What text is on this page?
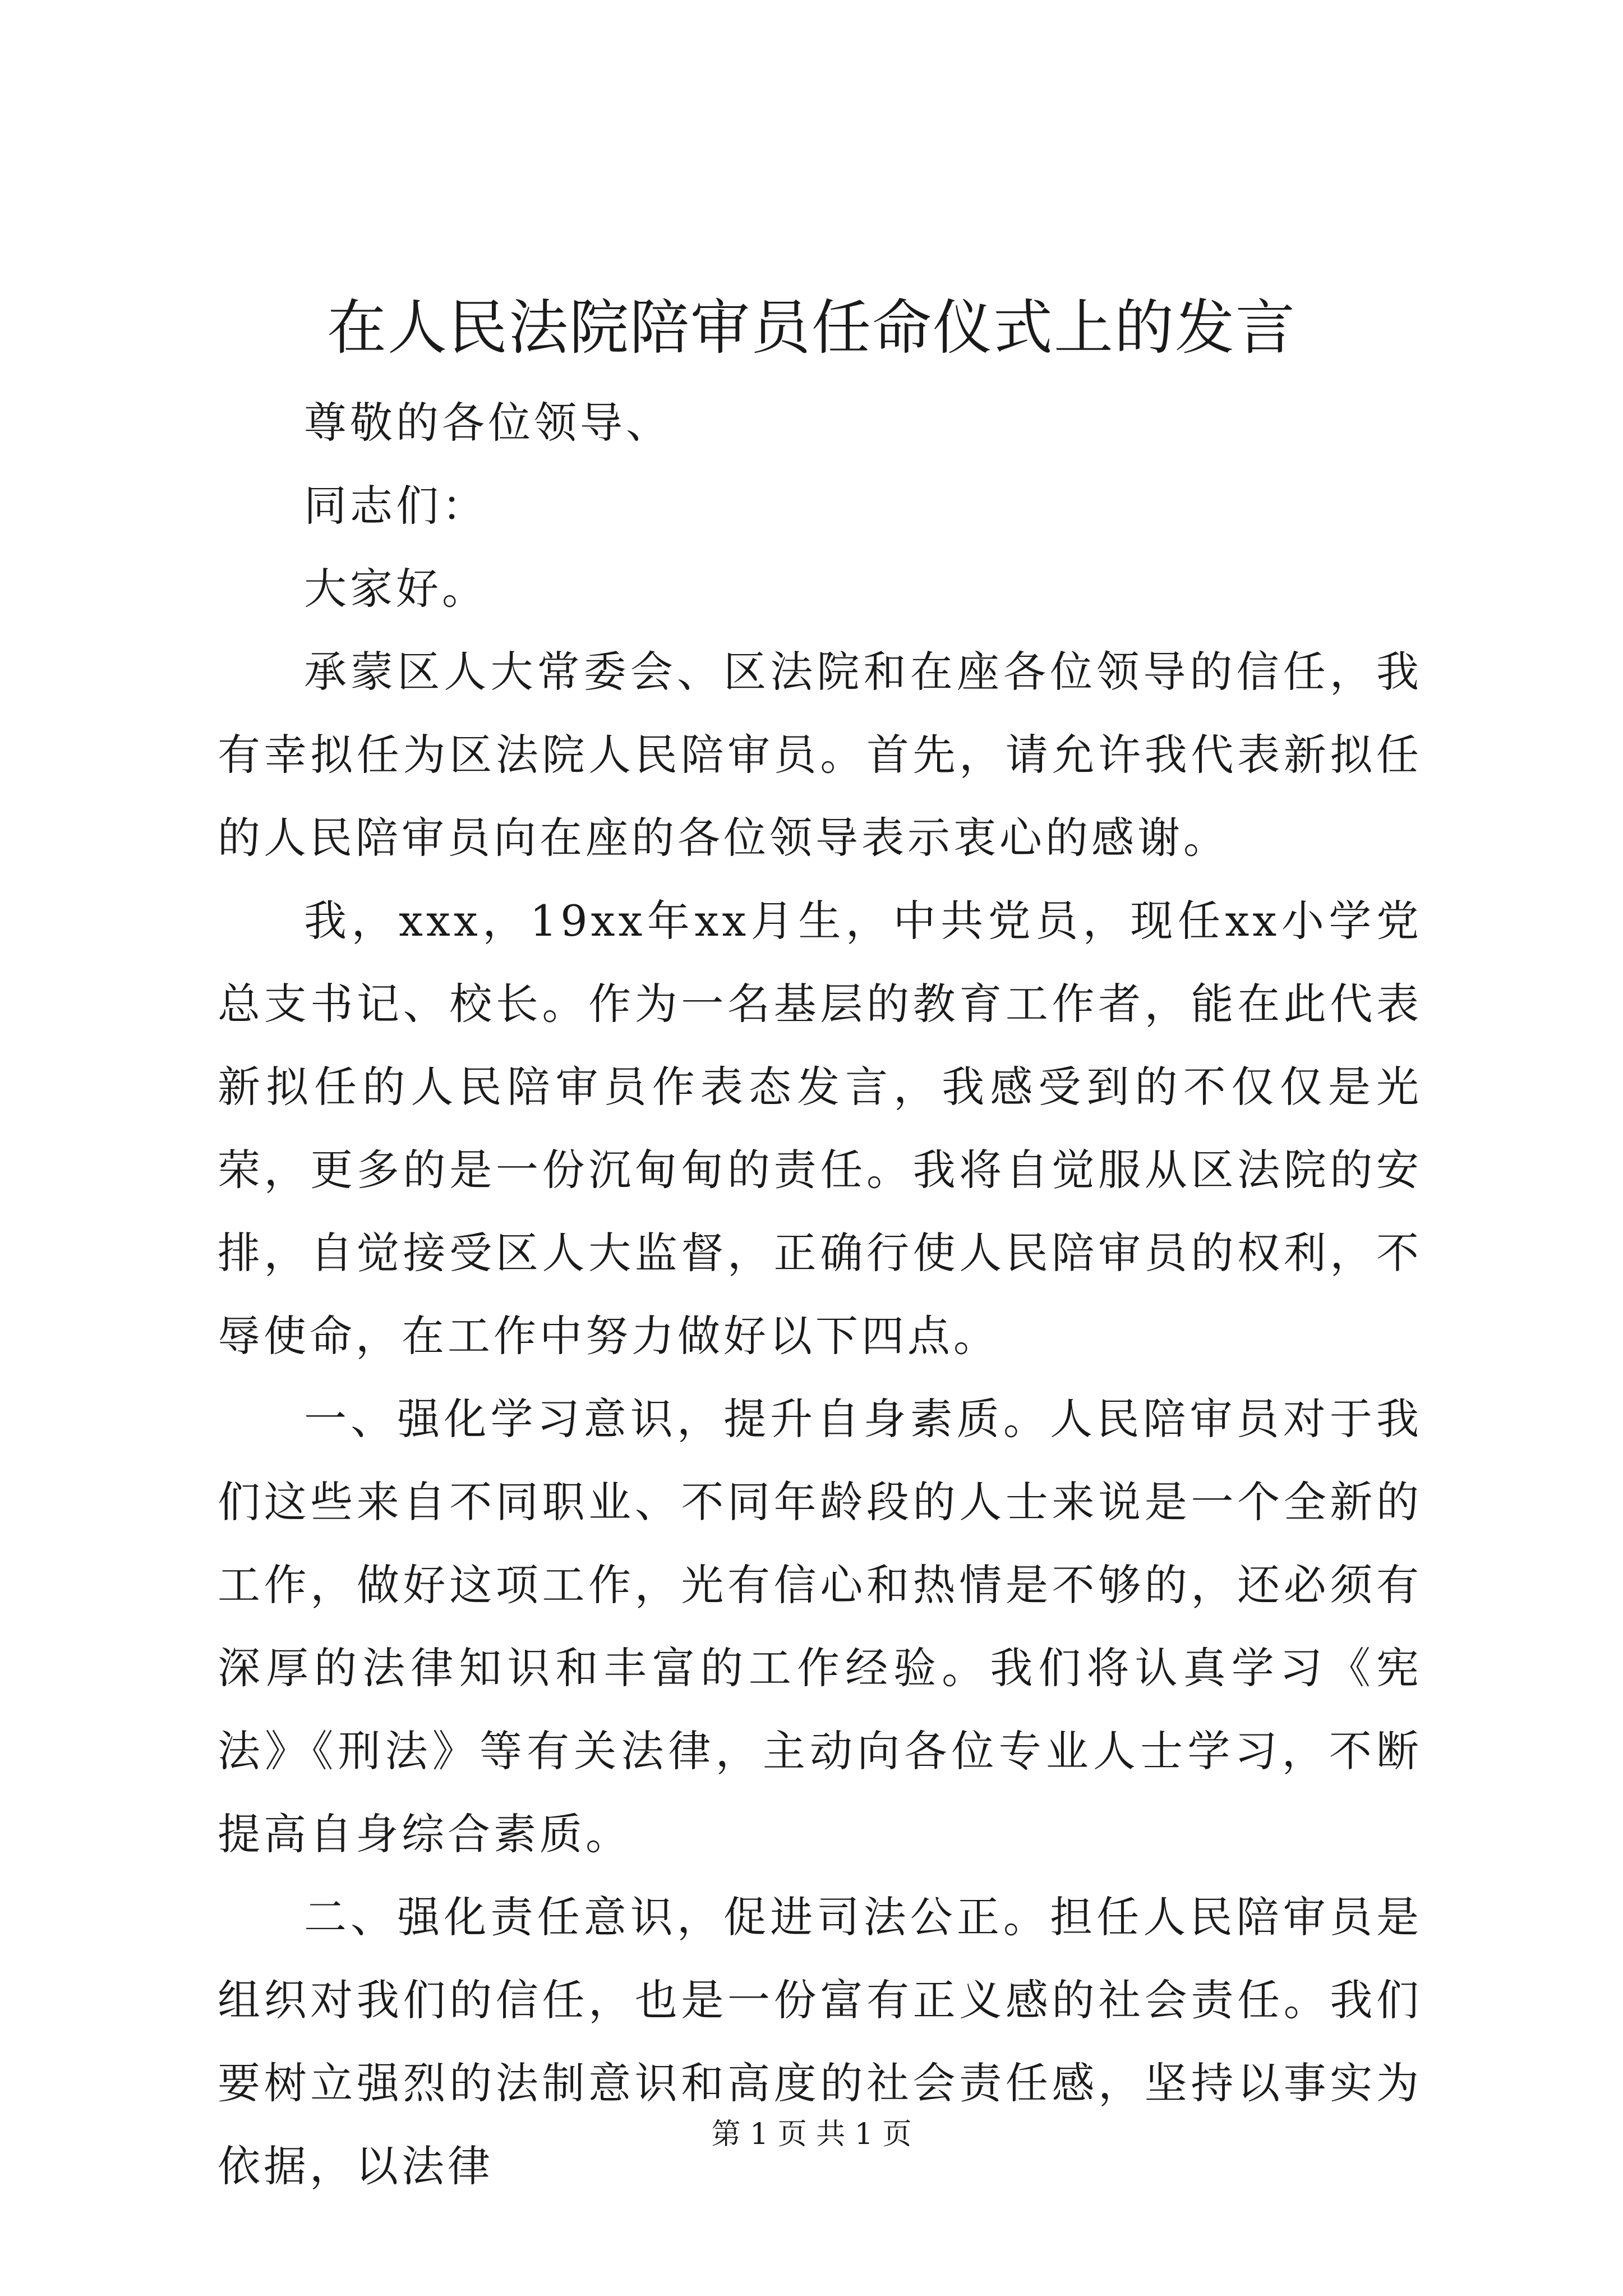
在人民法院陪审员任命仪式上的发言

尊敬的各位领导、

同志们：

大家好。

承蒙区人大常委会、区法院和在座各位领导的信任，我有幸拟任为区法院人民陪审员。首先，请允许我代表新拟任的人民陪审员向在座的各位领导表示衷心的感谢。

我，xxx，19xx年xx月生，中共党员，现任xx小学党总支书记、校长。作为一名基层的教育工作者，能在此代表新拟任的人民陪审员作表态发言，我感受到的不仅仅是光荣，更多的是一份沉甸甸的责任。我将自觉服从区法院的安排，自觉接受区人大监督，正确行使人民陪审员的权利，不辱使命，在工作中努力做好以下四点。

一、强化学习意识，提升自身素质。人民陪审员对于我们这些来自不同职业、不同年龄段的人士来说是一个全新的工作，做好这项工作，光有信心和热情是不够的，还必须有深厚的法律知识和丰富的工作经验。我们将认真学习《宪法》《刑法》等有关法律，主动向各位专业人士学习，不断提高自身综合素质。

二、强化责任意识，促进司法公正。担任人民陪审员是组织对我们的信任，也是一份富有正义感的社会责任。我们要树立强烈的法制意识和高度的社会责任感，坚持以事实为依据，以法律

第 1 页 共 1 页
